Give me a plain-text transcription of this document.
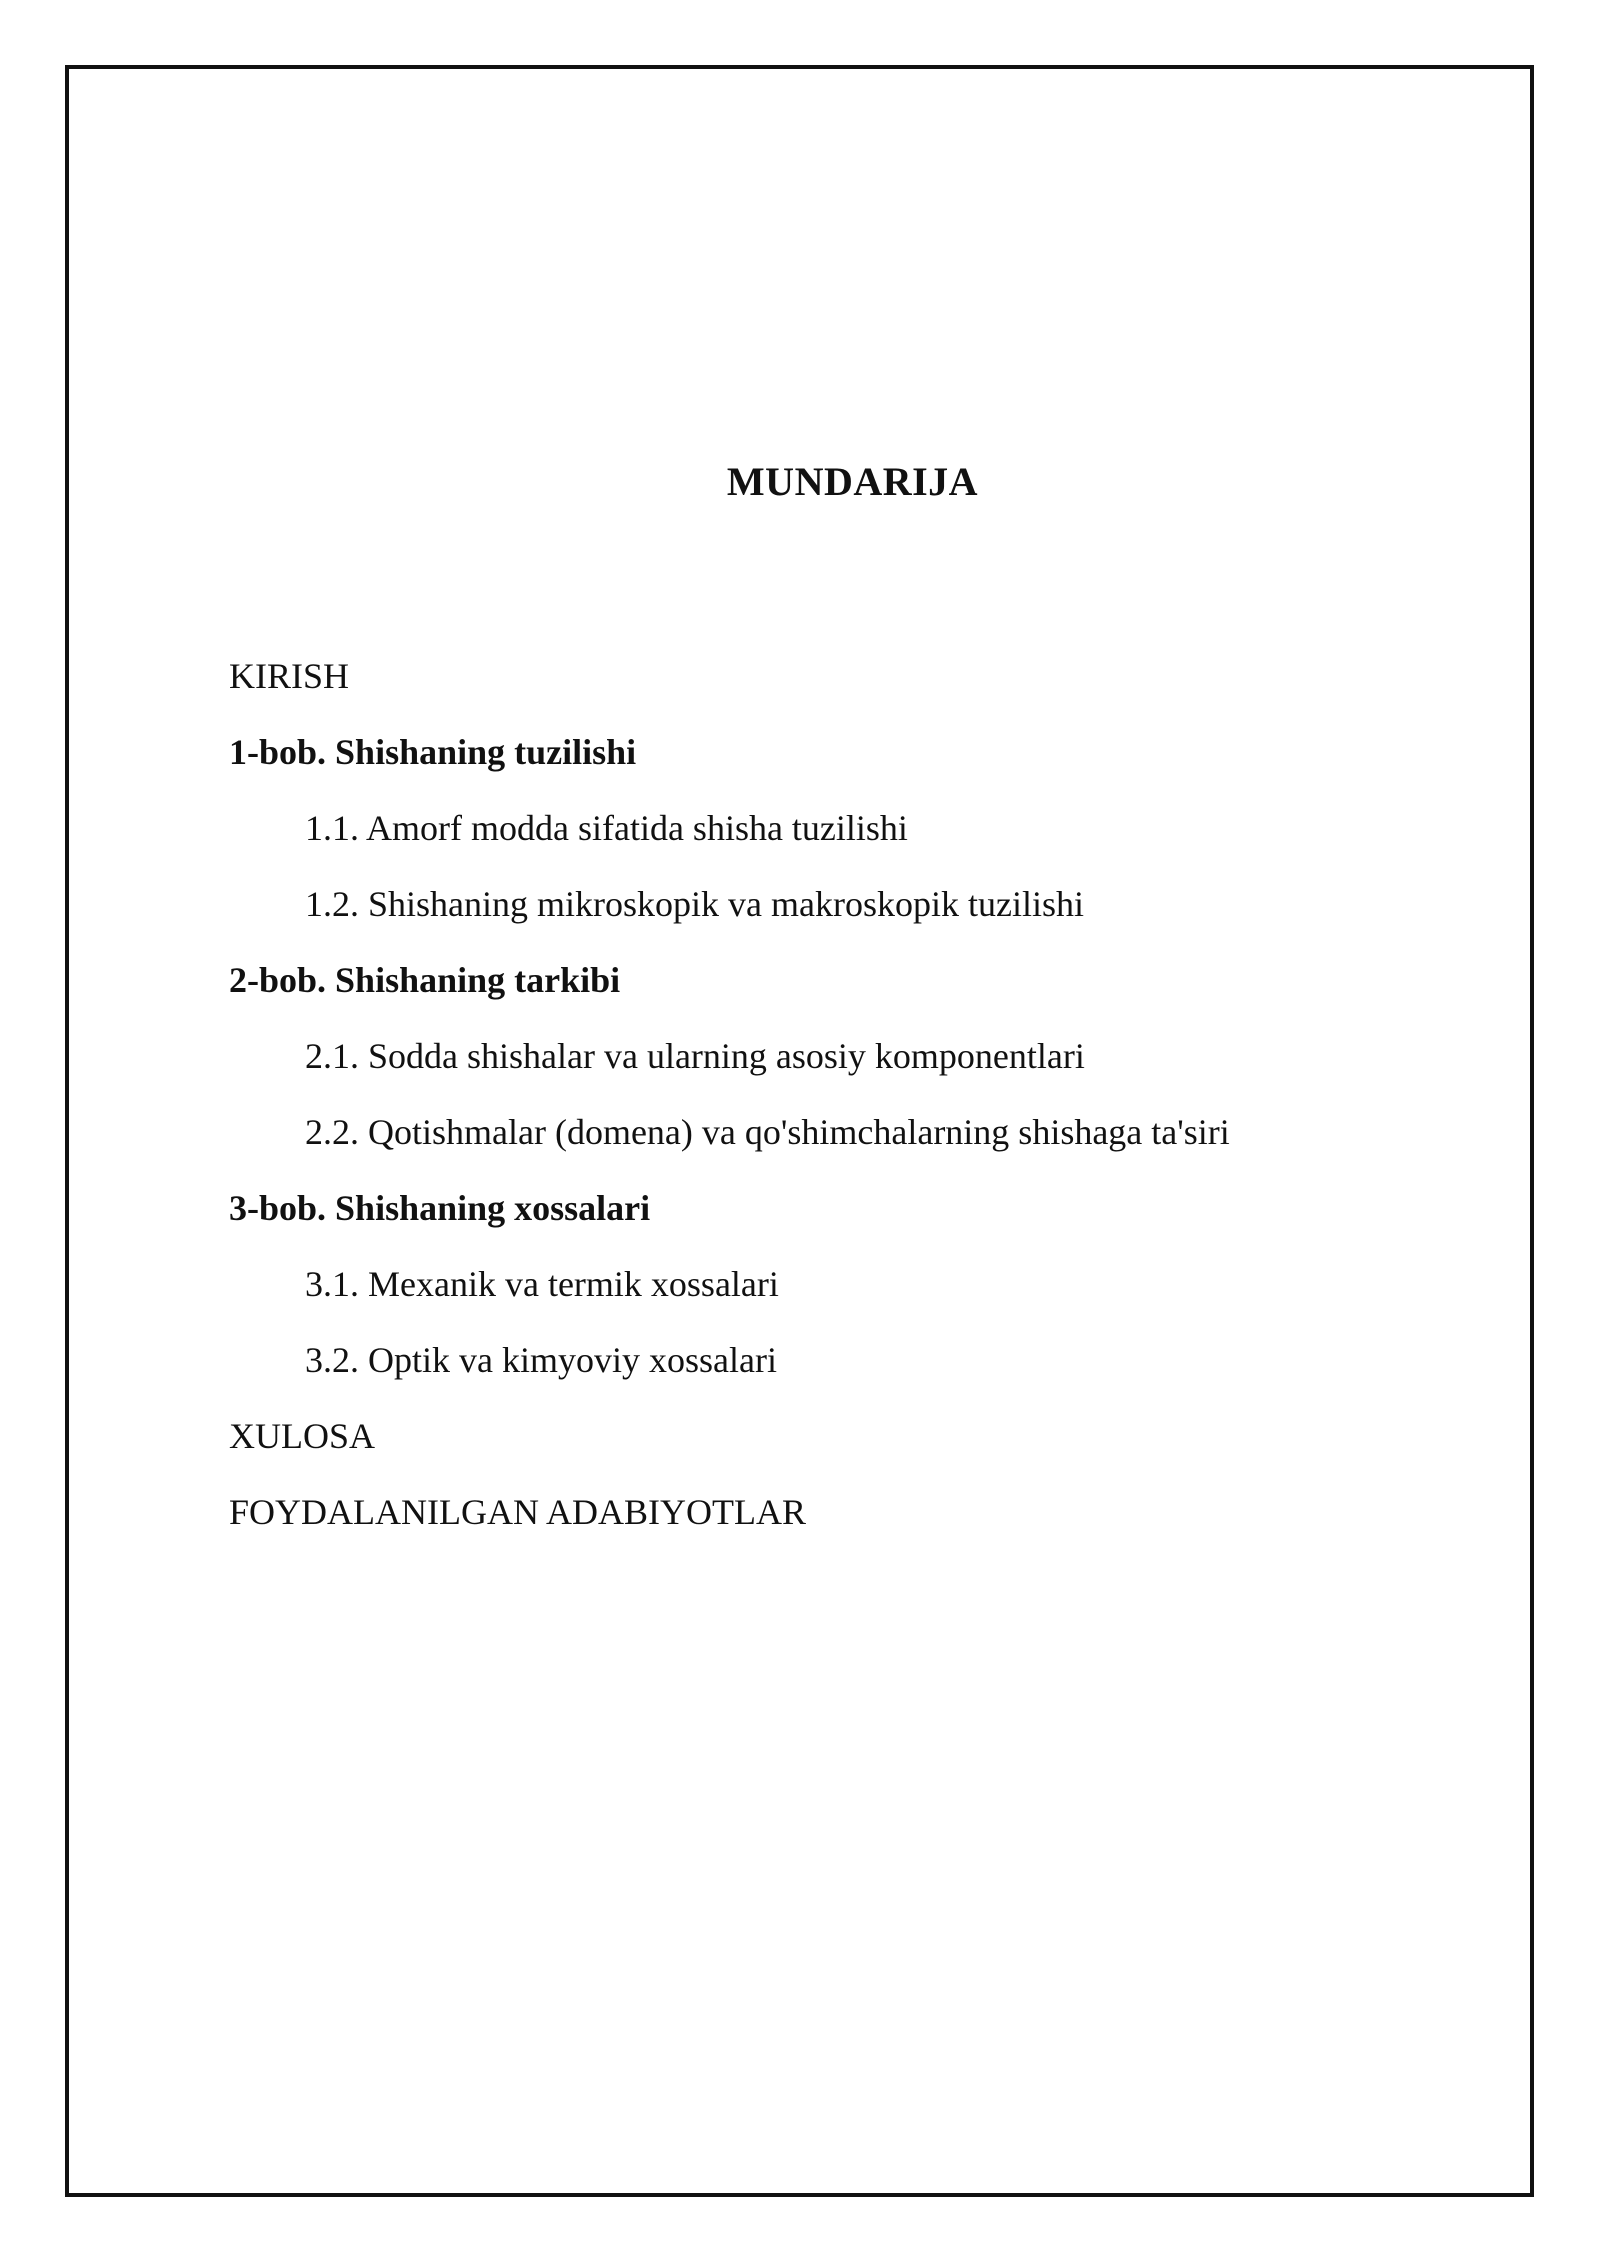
MUNDARIJA
KIRISH
1-bob. Shishaning tuzilishi
1.1. Amorf modda sifatida shisha tuzilishi
1.2. Shishaning mikroskopik va makroskopik tuzilishi
2-bob. Shishaning tarkibi
2.1. Sodda shishalar va ularning asosiy komponentlari
2.2. Qotishmalar (domena) va qo'shimchalarning shishaga ta'siri
3-bob. Shishaning xossalari
3.1. Mexanik va termik xossalari
3.2. Optik va kimyoviy xossalari
XULOSA
FOYDALANILGAN ADABIYOTLAR
